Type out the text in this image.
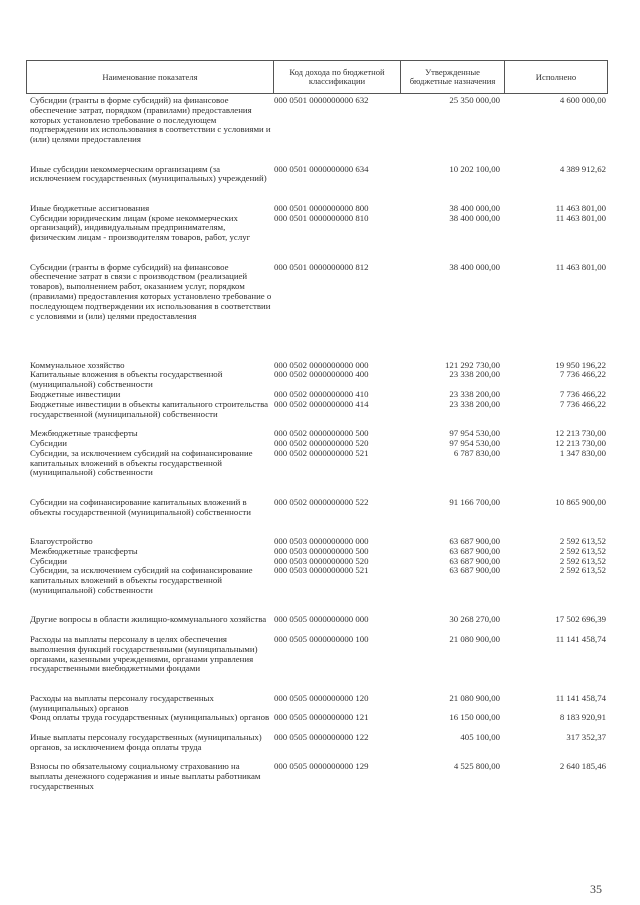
Наименование показателя	Код дохода по бюджетной классификации
Утвержденные бюджетные назначения	Исполнено
Субсидии (гранты в форме субсидий) на финансовое обеспечение затрат, порядком (правилами) предоставления которых установлено требование о последующем подтверждении их использования в соответствии с условиями и (или) целями предоставления
000 0501 0000000000 632	25 350 000,00	4 600 000,00
Иные субсидии некоммерческим организациям (за исключением государственных (муниципальных) учреждений)
000 0501 0000000000 634	10 202 100,00	4 389 912,62
Иные бюджетные ассигнования	000 0501 0000000000 800	38 400 000,00	11 463 801,00
Субсидии юридическим лицам (кроме некоммерческих организаций), индивидуальным предпринимателям, физическим лицам - производителям товаров, работ, услуг
000 0501 0000000000 810	38 400 000,00	11 463 801,00
Субсидии (гранты в форме субсидий) на финансовое обеспечение затрат в связи с производством (реализацией товаров), выполнением работ, оказанием услуг, порядком (правилами) предоставления которых установлено требование о последующем подтверждении их использования в соответствии с условиями и (или) целями предоставления
000 0501 0000000000 812	38 400 000,00	11 463 801,00
Коммунальное хозяйство	000 0502 0000000000 000	121 292 730,00	19 950 196,22
Капитальные вложения в объекты государственной (муниципальной) собственности
000 0502 0000000000 400	23 338 200,00	7 736 466,22
Бюджетные инвестиции	000 0502 0000000000 410	23 338 200,00	7 736 466,22
Бюджетные инвестиции в объекты капитального строительства государственной (муниципальной) собственности
000 0502 0000000000 414	23 338 200,00	7 736 466,22
Межбюджетные трансферты	000 0502 0000000000 500	97 954 530,00	12 213 730,00
Субсидии	000 0502 0000000000 520	97 954 530,00	12 213 730,00
Субсидии, за исключением субсидий на софинансирование капитальных вложений в объекты государственной (муниципальной) собственности
000 0502 0000000000 521	6 787 830,00	1 347 830,00
Субсидии на софинансирование капитальных вложений в объекты государственной (муниципальной) собственности
000 0502 0000000000 522	91 166 700,00	10 865 900,00
Благоустройство	000 0503 0000000000 000	63 687 900,00	2 592 613,52
Межбюджетные трансферты	000 0503 0000000000 500	63 687 900,00	2 592 613,52
Субсидии	000 0503 0000000000 520	63 687 900,00	2 592 613,52
Субсидии, за исключением субсидий на софинансирование капитальных вложений в объекты государственной (муниципальной) собственности
000 0503 0000000000 521	63 687 900,00	2 592 613,52
Другие вопросы в области жилищно-коммунального хозяйства 000 0505 0000000000 000	30 268 270,00	17 502 696,39
Расходы на выплаты персоналу в целях обеспечения выполнения функций государственными (муниципальными) органами, казенными учреждениями, органами управления государственными внебюджетными фондами
000 0505 0000000000 100	21 080 900,00	11 141 458,74
Расходы на выплаты персоналу государственных (муниципальных) органов
000 0505 0000000000 120	21 080 900,00	11 141 458,74
Фонд оплаты труда государственных (муниципальных) органов 000 0505 0000000000 121	16 150 000,00	8 183 920,91
Иные выплаты персоналу государственных (муниципальных) органов, за исключением фонда оплаты труда
000 0505 0000000000 122	405 100,00	317 352,37
Взносы по обязательному социальному страхованию на выплаты денежного содержания и иные выплаты работникам государственных
000 0505 0000000000 129	4 525 800,00	2 640 185,46
35
